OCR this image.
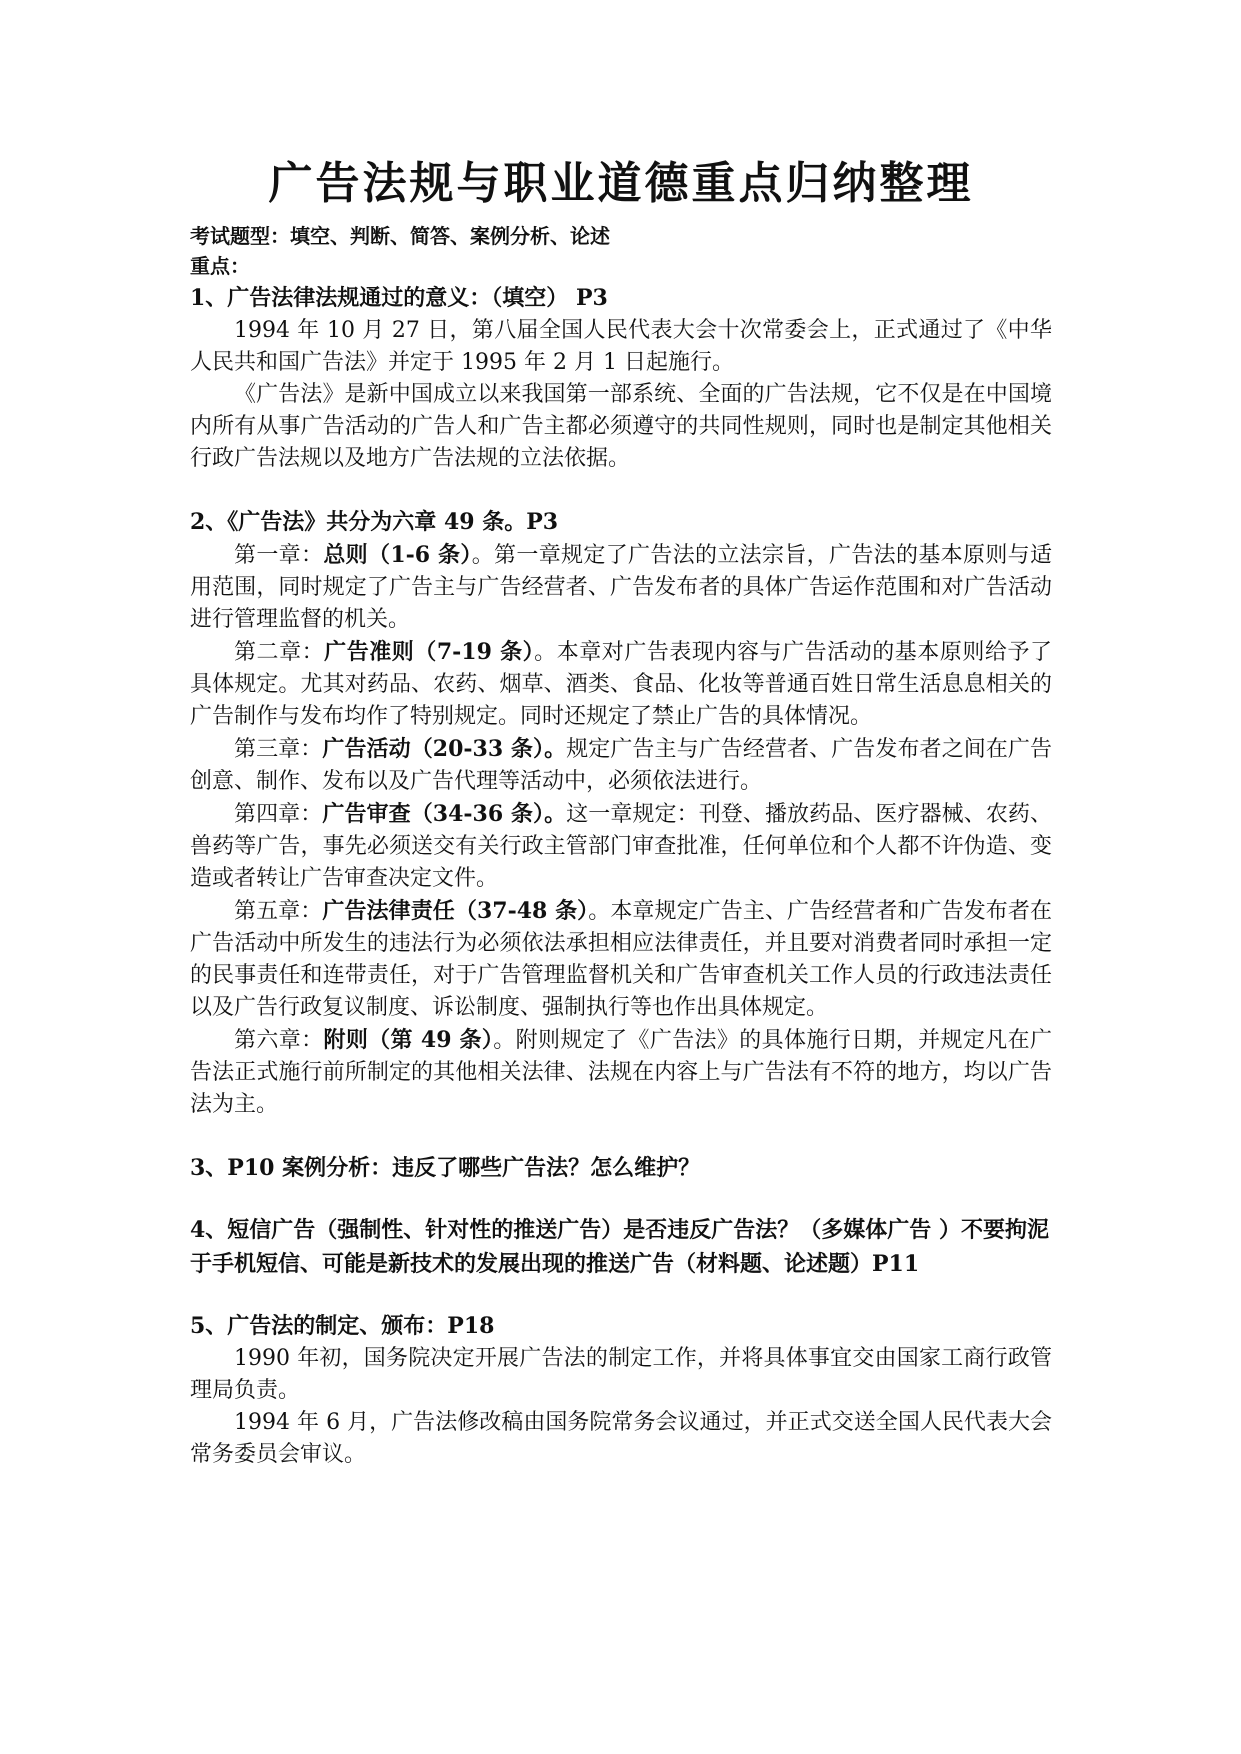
广告法规与职业道德重点归纳整理
考试题型：填空、判断、简答、案例分析、论述
重点：
1、广告法律法规通过的意义：（填空） P3

1994 年 10 月 27 日，第八届全国人民代表大会十次常委会上，正式通过了《中华人民共和国广告法》并定于 1995 年 2 月 1 日起施行。

《广告法》是新中国成立以来我国第一部系统、全面的广告法规，它不仅是在中国境内所有从事广告活动的广告人和广告主都必须遵守的共同性规则，同时也是制定其他相关行政广告法规以及地方广告法规的立法依据。

2、《广告法》共分为六章 49 条。P3

第一章：总则（1-6 条）。第一章规定了广告法的立法宗旨，广告法的基本原则与适用范围，同时规定了广告主与广告经营者、广告发布者的具体广告运作范围和对广告活动进行管理监督的机关。

第二章：广告准则（7-19 条）。本章对广告表现内容与广告活动的基本原则给予了具体规定。尤其对药品、农药、烟草、酒类、食品、化妆等普通百姓日常生活息息相关的广告制作与发布均作了特别规定。同时还规定了禁止广告的具体情况。

第三章：广告活动（20-33 条）。规定广告主与广告经营者、广告发布者之间在广告创意、制作、发布以及广告代理等活动中，必须依法进行。

第四章：广告审查（34-36 条）。这一章规定：刊登、播放药品、医疗器械、农药、兽药等广告，事先必须送交有关行政主管部门审查批准，任何单位和个人都不许伪造、变造或者转让广告审查决定文件。

第五章：广告法律责任（37-48 条）。本章规定广告主、广告经营者和广告发布者在广告活动中所发生的违法行为必须依法承担相应法律责任，并且要对消费者同时承担一定的民事责任和连带责任，对于广告管理监督机关和广告审查机关工作人员的行政违法责任以及广告行政复议制度、诉讼制度、强制执行等也作出具体规定。

第六章：附则（第 49 条）。附则规定了《广告法》的具体施行日期，并规定凡在广告法正式施行前所制定的其他相关法律、法规在内容上与广告法有不符的地方，均以广告法为主。

3、P10 案例分析：违反了哪些广告法？怎么维护？
4、短信广告（强制性、针对性的推送广告）是否违反广告法？（多媒体广告 ）不要拘泥于手机短信、可能是新技术的发展出现的推送广告（材料题、论述题）P11
5、广告法的制定、颁布：P18

1990 年初，国务院决定开展广告法的制定工作，并将具体事宜交由国家工商行政管理局负责。

1994 年 6 月，广告法修改稿由国务院常务会议通过，并正式交送全国人民代表大会常务委员会审议。
